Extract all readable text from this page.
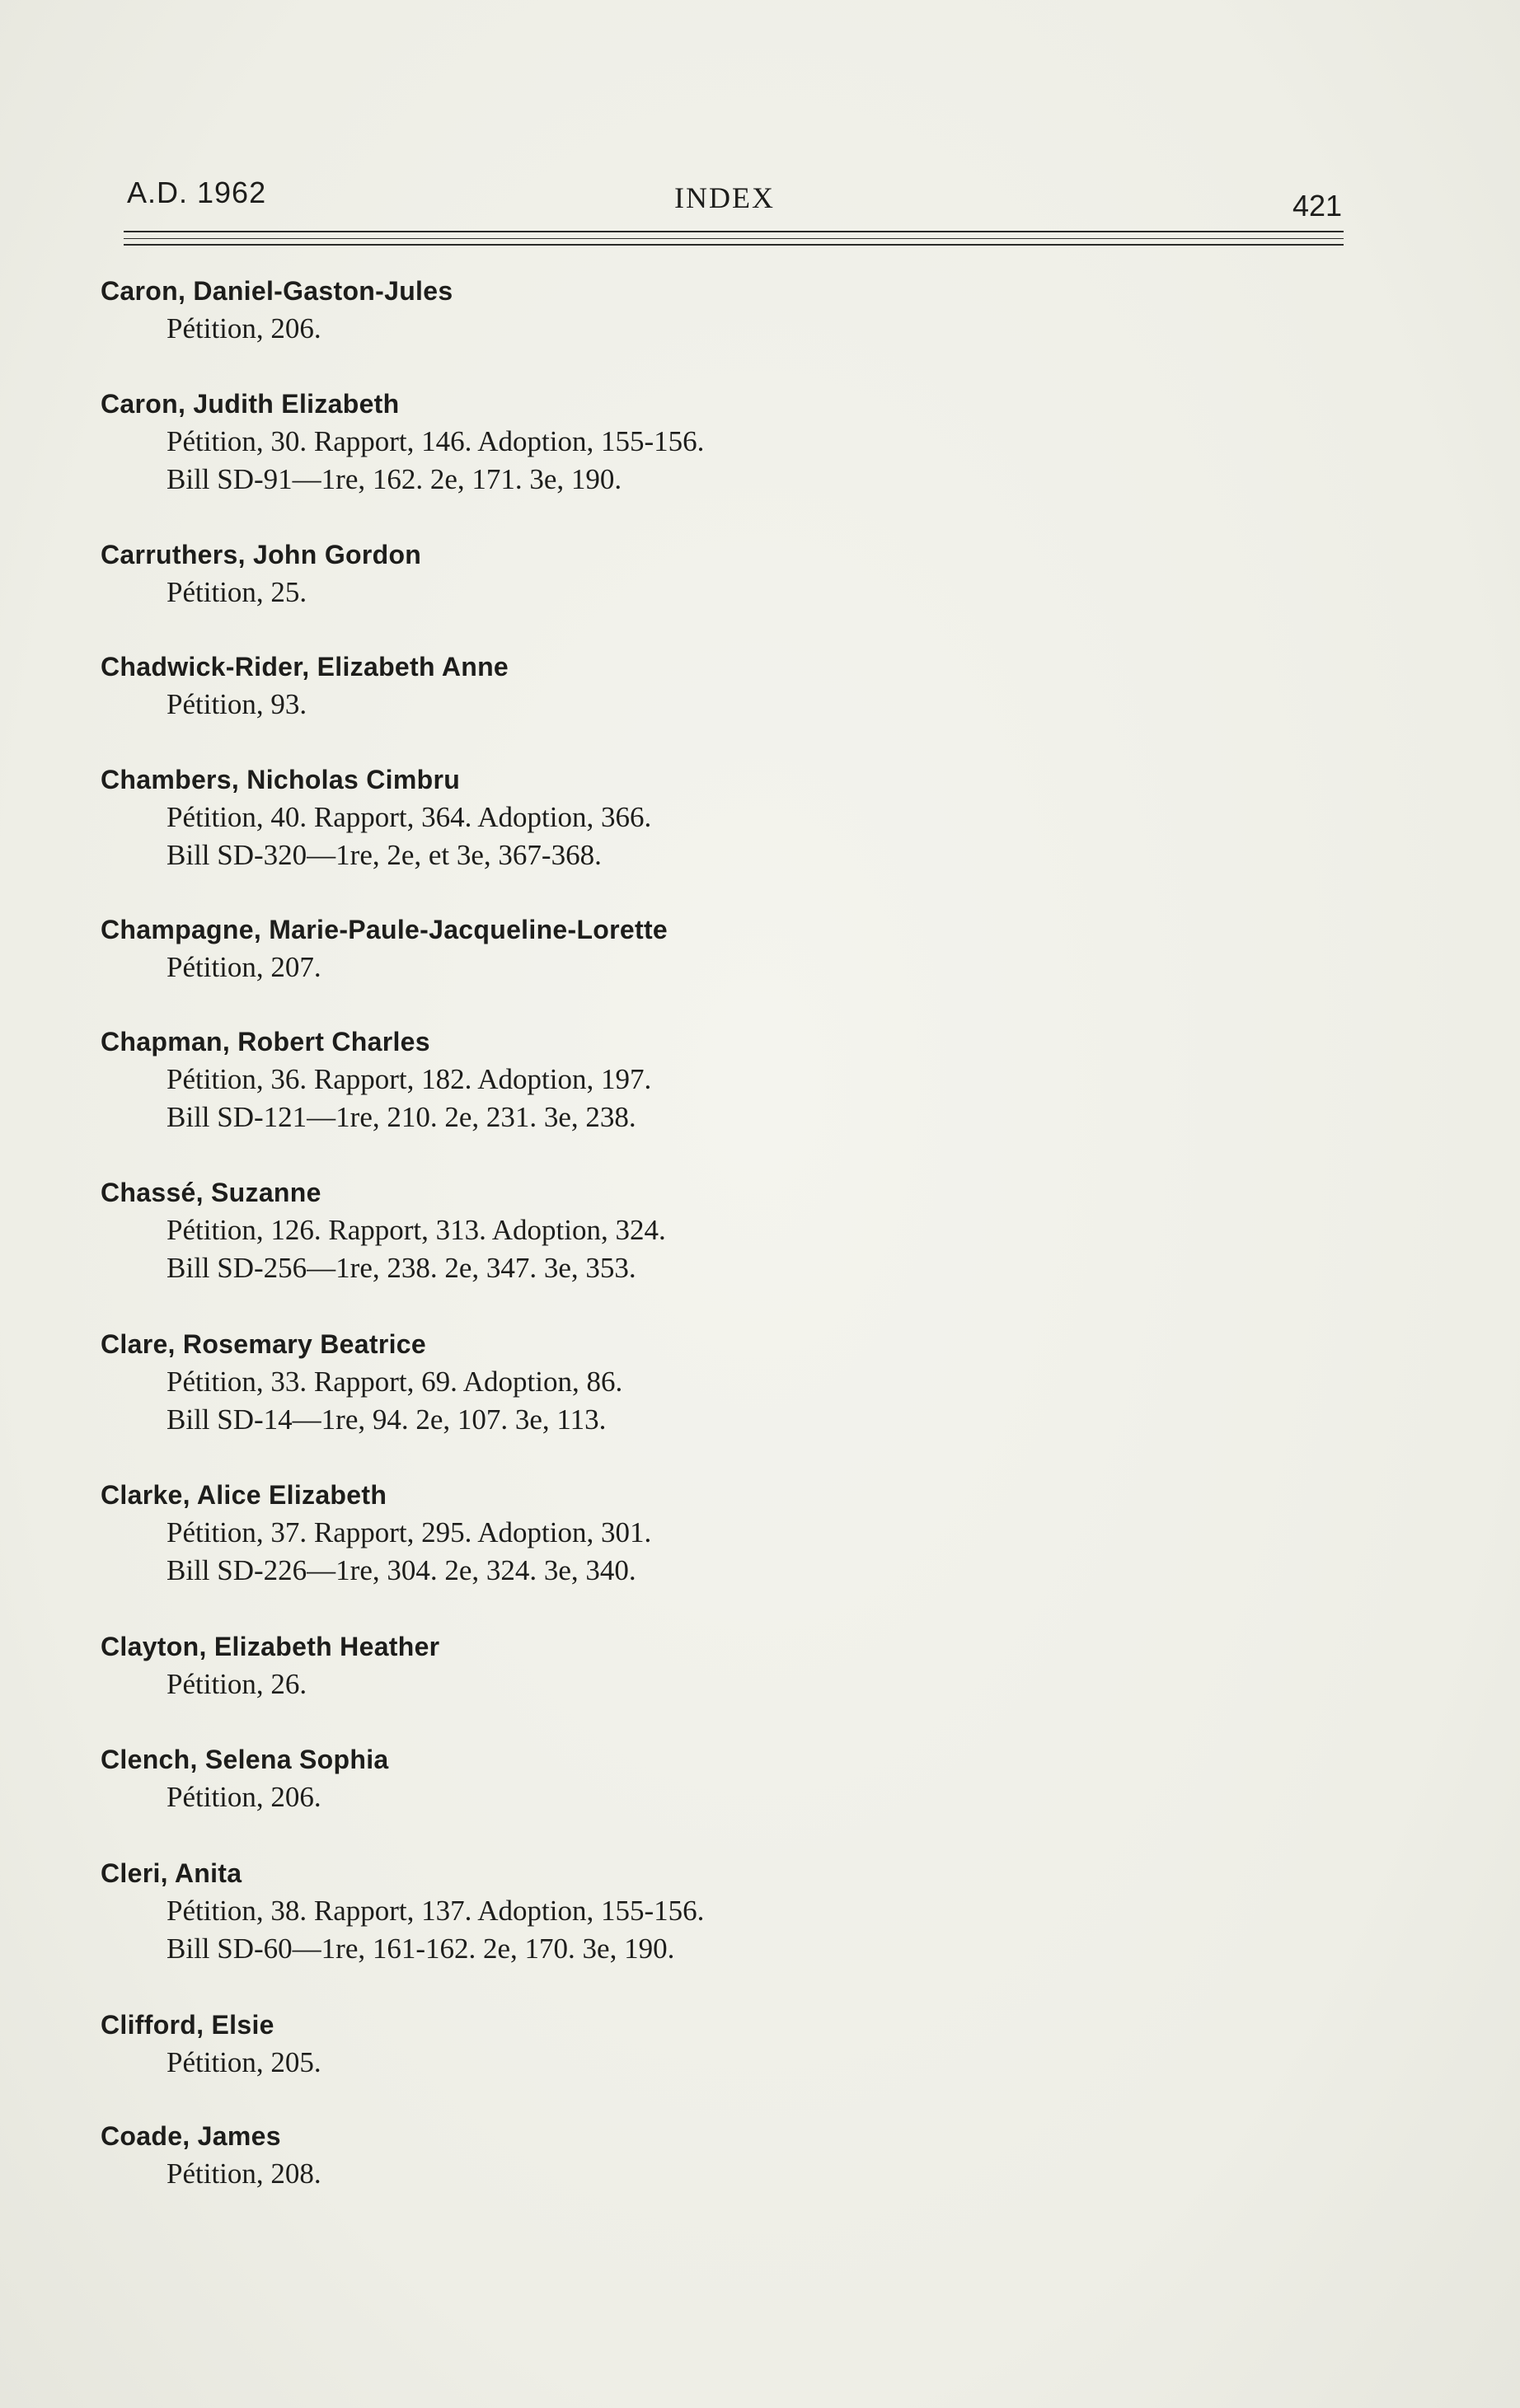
A.D. 1962	INDEX	421
Caron, Daniel-Gaston-Jules
Pétition, 206.
Caron, Judith Elizabeth
Pétition, 30. Rapport, 146. Adoption, 155-156.
Bill SD-91—1re, 162. 2e, 171. 3e, 190.
Carruthers, John Gordon
Pétition, 25.
Chadwick-Rider, Elizabeth Anne
Pétition, 93.
Chambers, Nicholas Cimbru
Pétition, 40. Rapport, 364. Adoption, 366.
Bill SD-320—1re, 2e, et 3e, 367-368.
Champagne, Marie-Paule-Jacqueline-Lorette
Pétition, 207.
Chapman, Robert Charles
Pétition, 36. Rapport, 182. Adoption, 197.
Bill SD-121—1re, 210. 2e, 231. 3e, 238.
Chassé, Suzanne
Pétition, 126. Rapport, 313. Adoption, 324.
Bill SD-256—1re, 238. 2e, 347. 3e, 353.
Clare, Rosemary Beatrice
Pétition, 33. Rapport, 69. Adoption, 86.
Bill SD-14—1re, 94. 2e, 107. 3e, 113.
Clarke, Alice Elizabeth
Pétition, 37. Rapport, 295. Adoption, 301.
Bill SD-226—1re, 304. 2e, 324. 3e, 340.
Clayton, Elizabeth Heather
Pétition, 26.
Clench, Selena Sophia
Pétition, 206.
Cleri, Anita
Pétition, 38. Rapport, 137. Adoption, 155-156.
Bill SD-60—1re, 161-162. 2e, 170. 3e, 190.
Clifford, Elsie
Pétition, 205.
Coade, James
Pétition, 208.
